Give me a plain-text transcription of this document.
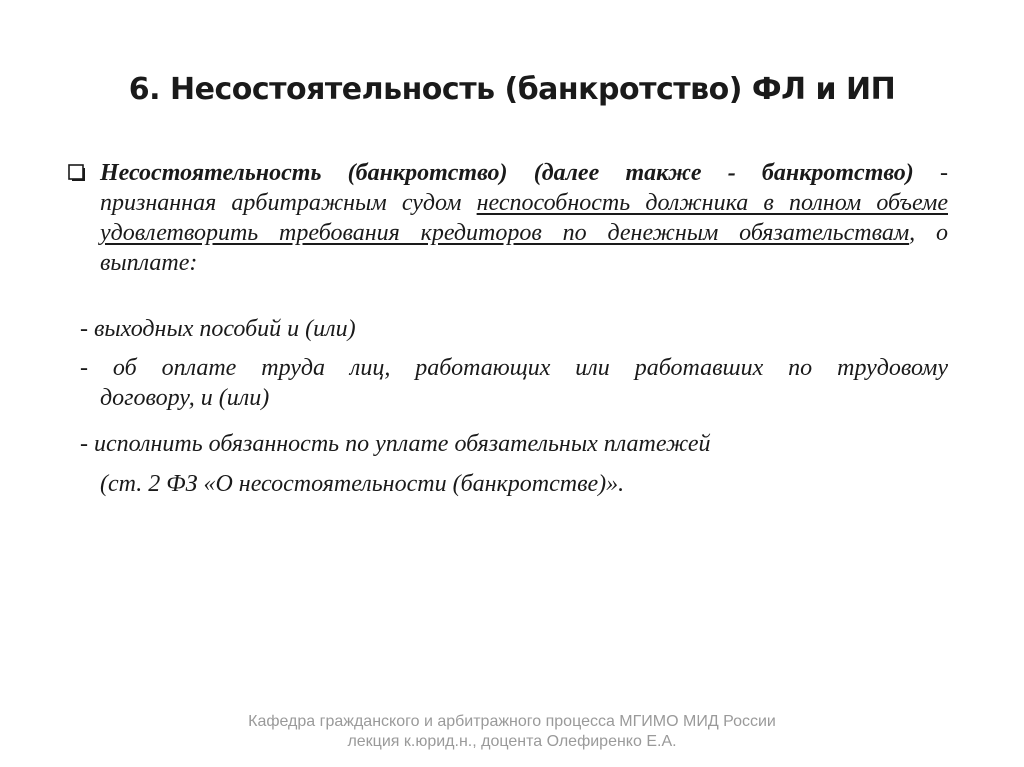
6. Несостоятельность (банкротство) ФЛ и ИП
Несостоятельность (банкротство) (далее также - банкротство) - признанная арбитражным судом неспособность должника в полном объеме удовлетворить требования кредиторов по денежным обязательствам, о выплате:
- выходных пособий и (или)
- об оплате труда лиц, работающих или работавших по трудовому
договору, и (или)
- исполнить обязанность по уплате обязательных платежей
(ст. 2 ФЗ «О несостоятельности (банкротстве)».
Кафедра гражданского и арбитражного процесса МГИМО МИД России
лекция к.юрид.н., доцента Олефиренко Е.А.
